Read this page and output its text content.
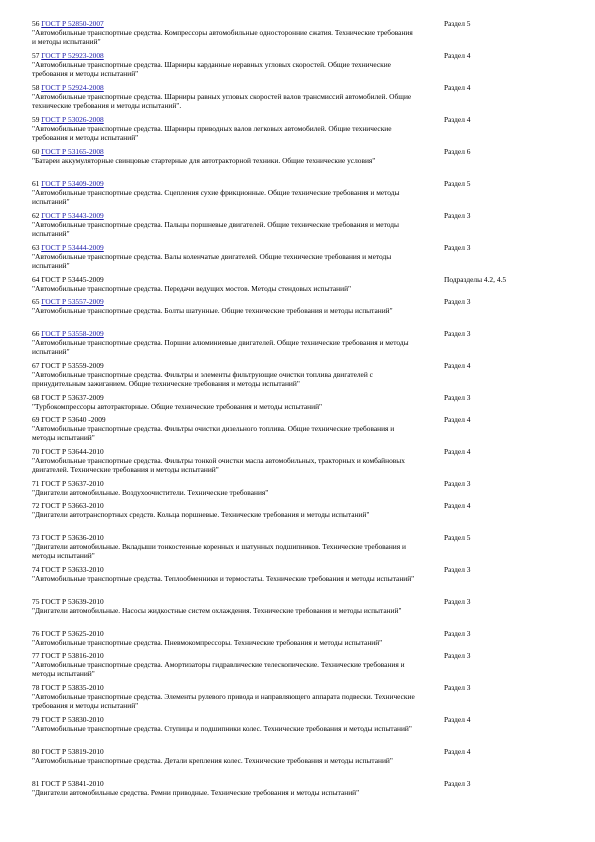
56 ГОСТ Р 52850-2007
"Автомобильные транспортные средства. Компрессоры автомобильные односторонние сжатия. Технические требования и методы испытаний"
Раздел 5
57 ГОСТ Р 52923-2008
"Автомобильные транспортные средства. Шарниры карданные неравных угловых скоростей. Общие технические требования и методы испытаний"
Раздел 4
58 ГОСТ Р 52924-2008
"Автомобильные транспортные средства. Шарниры равных угловых скоростей валов трансмиссий автомобилей. Общие технические требования и методы испытаний".
Раздел 4
59 ГОСТ Р 53026-2008
"Автомобильные транспортные средства. Шарниры приводных валов легковых автомобилей. Общие технические требования и методы испытаний"
Раздел 4
60 ГОСТ Р 53165-2008
"Батареи аккумуляторные свинцовые стартерные для автотракторной техники. Общие технические условия"
Раздел 6
61 ГОСТ Р 53409-2009
"Автомобильные транспортные средства. Сцепления сухие фрикционные. Общие технические требования и методы испытаний"
Раздел 5
62 ГОСТ Р 53443-2009
"Автомобильные транспортные средства. Пальцы поршневые двигателей. Общие технические требования и методы испытаний"
Раздел 3
63 ГОСТ Р 53444-2009
"Автомобильные транспортные средства. Валы коленчатые двигателей. Общие технические требования и методы испытаний"
Раздел 3
64 ГОСТ Р 53445-2009
"Автомобильные транспортные средства. Передачи ведущих мостов. Методы стендовых испытаний"
Подразделы 4.2, 4.5
65 ГОСТ Р 53557-2009
"Автомобильные транспортные средства. Болты шатунные. Общие технические требования и методы испытаний"
Раздел 3
66 ГОСТ Р 53558-2009
"Автомобильные транспортные средства. Поршни алюминиевые двигателей. Общие технические требования и методы испытаний"
Раздел 3
67 ГОСТ Р 53559-2009
"Автомобильные транспортные средства. Фильтры и элементы фильтрующие очистки топлива двигателей с принудительным зажиганием. Общие технические требования и методы испытаний"
Раздел 4
68 ГОСТ Р 53637-2009
"Турбокомпрессоры автотракторные. Общие технические требования и методы испытаний"
Раздел 3
69 ГОСТ Р 53640 -2009
"Автомобильные транспортные средства. Фильтры очистки дизельного топлива. Общие технические требования и методы испытаний"
Раздел 4
70 ГОСТ Р 53644-2010
"Автомобильные транспортные средства. Фильтры тонкой очистки масла автомобильных, тракторных и комбайновых двигателей. Технические требования и методы испытаний"
Раздел 4
71 ГОСТ Р 53637-2010
"Двигатели автомобильные. Воздухоочистители. Технические требования"
Раздел 3
72 ГОСТ Р 53663-2010
"Двигатели автотранспортных средств. Кольца поршневые. Технические требования и методы испытаний"
Раздел 4
73 ГОСТ Р 53636-2010
"Двигатели автомобильные. Вкладыши тонкостенные коренных и шатунных подшипников. Технические требования и методы испытаний"
Раздел 5
74 ГОСТ Р 53633-2010
"Автомобильные транспортные средства. Теплообменники и термостаты. Технические требования и методы испытаний"
Раздел 3
75 ГОСТ Р 53639-2010
"Двигатели автомобильные. Насосы жидкостные систем охлаждения. Технические требования и методы испытаний"
Раздел 3
76 ГОСТ Р 53625-2010
"Автомобильные транспортные средства. Пневмокомпрессоры. Технические требования и методы испытаний"
Раздел 3
77 ГОСТ Р 53816-2010
"Автомобильные транспортные средства. Амортизаторы гидравлические телескопические. Технические требования и методы испытаний"
Раздел 3
78 ГОСТ Р 53835-2010
"Автомобильные транспортные средства. Элементы рулевого привода и направляющего аппарата подвески. Технические требования и методы испытаний"
Раздел 3
79 ГОСТ Р 53830-2010
"Автомобильные транспортные средства. Ступицы и подшипники колес. Технические требования и методы испытаний"
Раздел 4
80 ГОСТ Р 53819-2010
"Автомобильные транспортные средства. Детали крепления колес. Технические требования и методы испытаний"
Раздел 4
81 ГОСТ Р 53841-2010
"Двигатели автомобильные средства. Ремни приводные. Технические требования и методы испытаний"
Раздел 3
